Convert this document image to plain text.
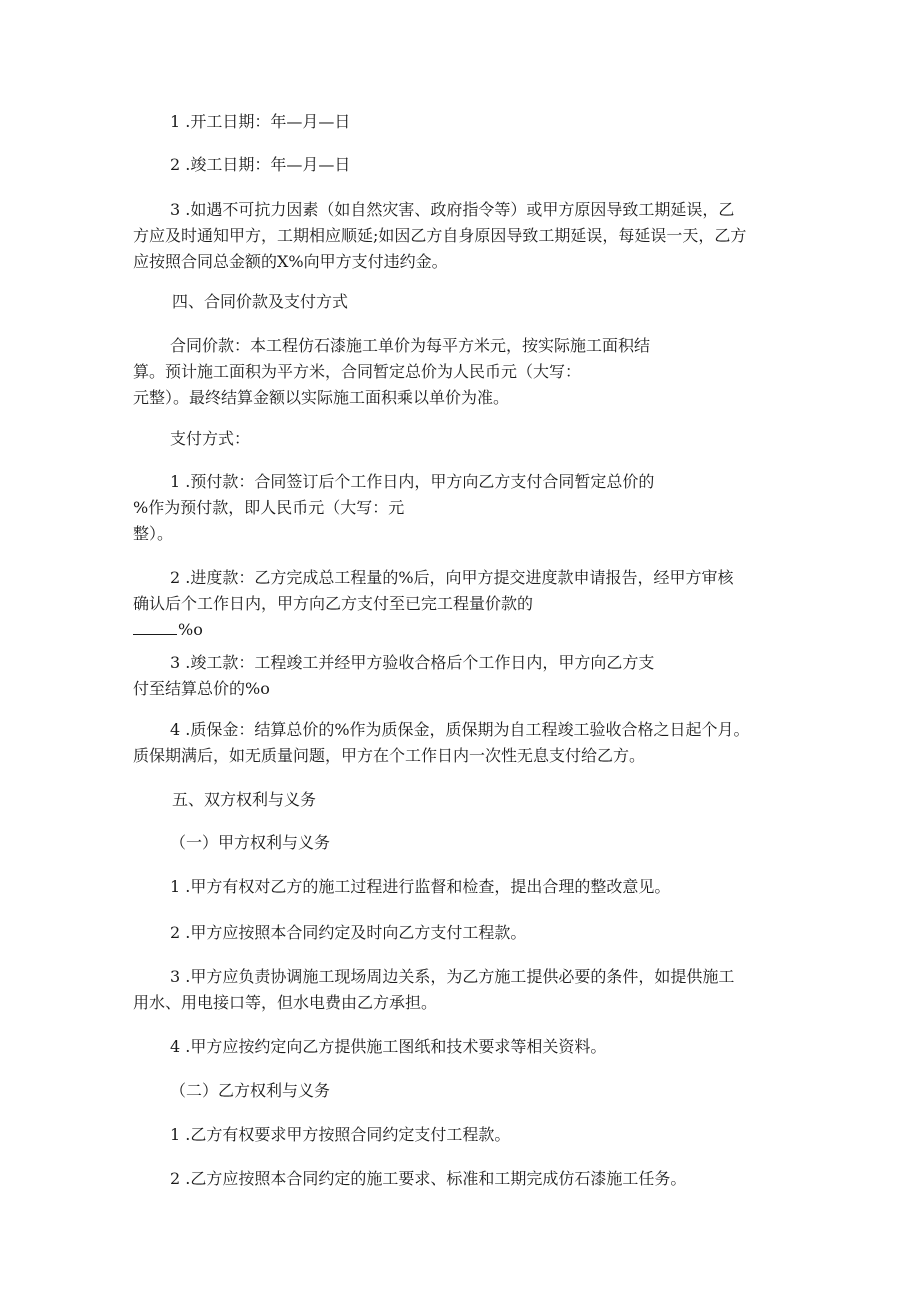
1 .开工日期：年—月—日

2 .竣工日期：年—月—日

3 .如遇不可抗力因素（如自然灾害、政府指令等）或甲方原因导致工期延误，乙
方应及时通知甲方，工期相应顺延;如因乙方自身原因导致工期延误，每延误一天，乙方
应按照合同总金额的X%向甲方支付违约金。

四、合同价款及支付方式

合同价款：本工程仿石漆施工单价为每平方米元，按实际施工面积结
算。预计施工面积为平方米，合同暂定总价为人民币元（大写：
元整）。最终结算金额以实际施工面积乘以单价为准。

支付方式：

1 .预付款：合同签订后个工作日内，甲方向乙方支付合同暂定总价的
%作为预付款，即人民币元（大写：元
整）。

2 .进度款：乙方完成总工程量的%后，向甲方提交进度款申请报告，经甲方审核
确认后个工作日内，甲方向乙方支付至已完工程量价款的
%o

3 .竣工款：工程竣工并经甲方验收合格后个工作日内，甲方向乙方支
付至结算总价的%o

4 .质保金：结算总价的%作为质保金，质保期为自工程竣工验收合格之日起个月。
质保期满后，如无质量问题，甲方在个工作日内一次性无息支付给乙方。

五、双方权利与义务

（一）甲方权利与义务

1 .甲方有权对乙方的施工过程进行监督和检查，提出合理的整改意见。

2 .甲方应按照本合同约定及时向乙方支付工程款。

3 .甲方应负责协调施工现场周边关系，为乙方施工提供必要的条件，如提供施工
用水、用电接口等，但水电费由乙方承担。

4 .甲方应按约定向乙方提供施工图纸和技术要求等相关资料。

（二）乙方权利与义务

1 .乙方有权要求甲方按照合同约定支付工程款。

2 .乙方应按照本合同约定的施工要求、标准和工期完成仿石漆施工任务。
